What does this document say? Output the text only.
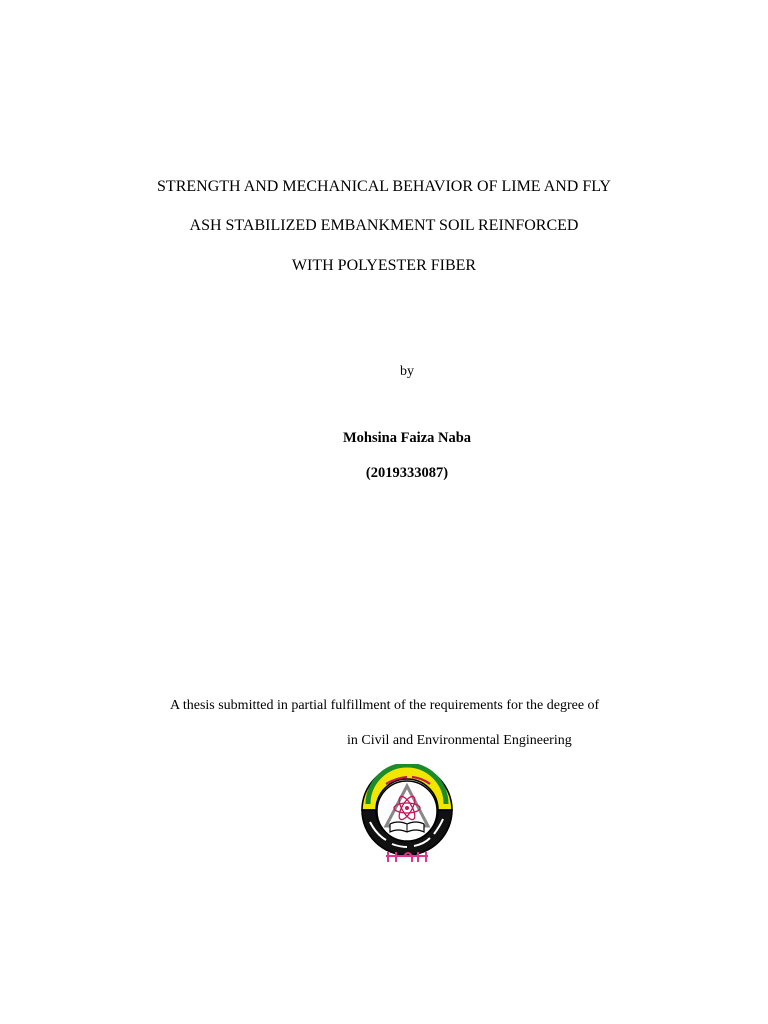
STRENGTH AND MECHANICAL BEHAVIOR OF LIME AND FLY
ASH STABILIZED EMBANKMENT SOIL REINFORCED
WITH POLYESTER FIBER
by
Mohsina Faiza Naba
(2019333087)
A thesis submitted in partial fulfillment of the requirements for the degree of
in Civil and Environmental Engineering
